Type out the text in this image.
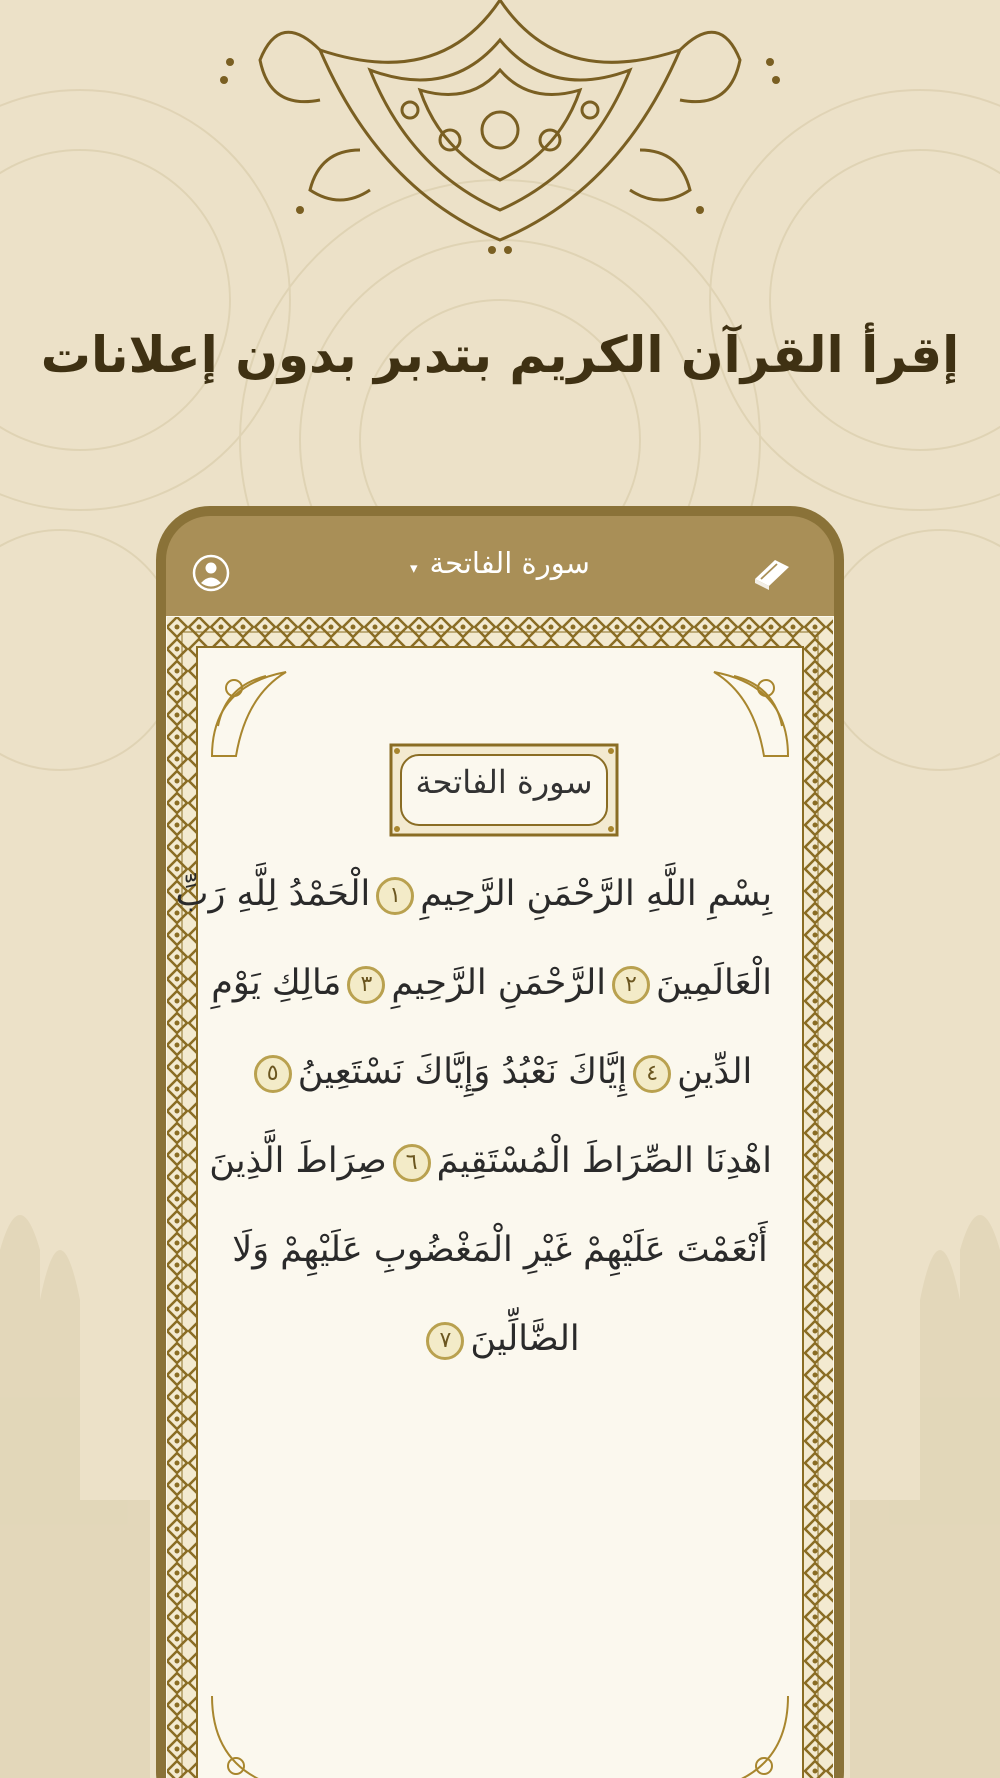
إقرأ القرآن الكريم بتدبر بدون إعلانات
سورة الفاتحة
▾
سورة الفاتحة
بِسْمِ اللَّهِ الرَّحْمَنِ الرَّحِيمِ١الْحَمْدُ لِلَّهِ رَبِّ
الْعَالَمِينَ٢الرَّحْمَنِ الرَّحِيمِ٣مَالِكِ يَوْمِ
الدِّينِ٤إِيَّاكَ نَعْبُدُ وَإِيَّاكَ نَسْتَعِينُ٥
اهْدِنَا الصِّرَاطَ الْمُسْتَقِيمَ٦صِرَاطَ الَّذِينَ
أَنْعَمْتَ عَلَيْهِمْ غَيْرِ الْمَغْضُوبِ عَلَيْهِمْ وَلَا
الضَّالِّينَ٧
